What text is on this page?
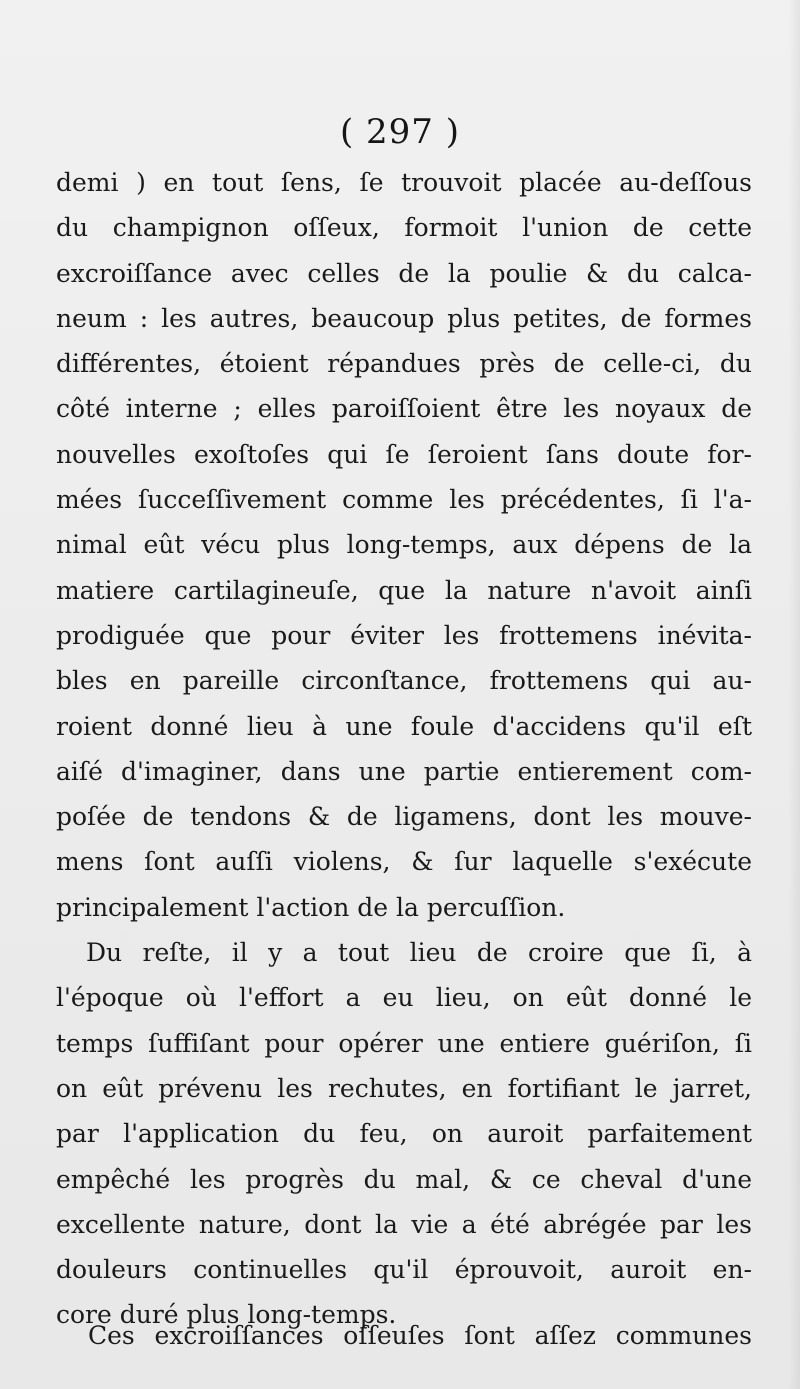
( 297 )
demi ) en tout ſens, ſe trouvoit placée au-deſſous
du champignon oſſeux, formoit l'union de cette
excroiſſance avec celles de la poulie & du calca-
neum : les autres, beaucoup plus petites, de formes
différentes, étoient répandues près de celle-ci, du
côté interne ; elles paroiſſoient être les noyaux de
nouvelles exoſtoſes qui ſe ſeroient ſans doute for-
mées ſucceſſivement comme les précédentes, ſi l'a-
nimal eût vécu plus long-temps, aux dépens de la
matiere cartilagineuſe, que la nature n'avoit ainſi
prodiguée que pour éviter les frottemens inévita-
bles en pareille circonſtance, frottemens qui au-
roient donné lieu à une foule d'accidens qu'il eſt
aiſé d'imaginer, dans une partie entierement com-
poſée de tendons & de ligamens, dont les mouve-
mens ſont auſſi violens, & ſur laquelle s'exécute
principalement l'action de la percuſſion.
Du reſte, il y a tout lieu de croire que ſi, à
l'époque où l'effort a eu lieu, on eût donné le
temps ſuffiſant pour opérer une entiere guériſon, ſi
on eût prévenu les rechutes, en fortifiant le jarret,
par l'application du feu, on auroit parfaitement
empêché les progrès du mal, & ce cheval d'une
excellente nature, dont la vie a été abrégée par les
douleurs continuelles qu'il éprouvoit, auroit en-
core duré plus long-temps.
Ces excroiſſances oſſeuſes ſont aſſez communes
